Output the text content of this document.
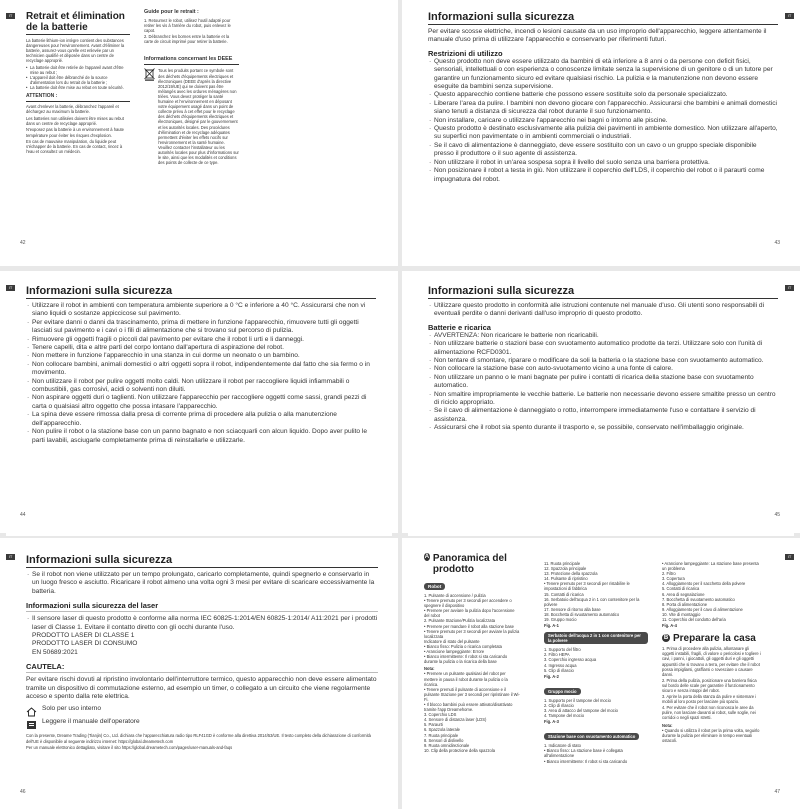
IT Retrait et élimination de la batterie
La batterie lithium-ion intègre contient des substances dangereuses pour l'environnement. Avant d'éliminer la batterie, assurez-vous qu'elle est enlevée par un technicien qualifié et déposée dans un centre de recyclage approprié.
• La batterie doit être retirée de l'appareil avant d'être mise au rebut ;
• L'appareil doit être débranché de la source d'alimentation lors du retrait de la batterie ;
• La batterie doit être mise au rebut en toute sécurité.
ATTENTION :
Avant d'enlever la batterie, débranchez l'appareil et déchargez au maximum la batterie.
Les batteries non utilisées doivent être mises au rebut dans un centre de recyclage approprié.
N'exposez pas la batterie à un environnement à haute température pour éviter les risques d'explosion.
En cas de mauvaise manipulation, du liquide peut s'échapper de la batterie. En cas de contact, rincez à l'eau et consultez un médecin.
Guide pour le retrait :
1. Retournez le robot, utilisez l'outil adapté pour retirer les vis à l'arrière du robot, puis enlevez le capot.
2. Débranchez les bornes entre la batterie et la carte de circuit imprimé pour retirer la batterie.
Informations concernant les DEEE
Tous les produits portant ce symbole sont des déchets d'équipements électriques et électroniques (DEEE d'après la directive 2012/19/UE) qui ne doivent pas être mélangés avec les ordures ménagères non triées. Vous devez protéger la santé humaine et l'environnement en déposant votre équipement usagé dans un point de collecte prévu à cet effet pour le recyclage des déchets d'équipements électriques et électroniques, désigné par le gouvernement et les autorités locales. Des procédures d'élimination et de recyclage adéquates permettent d'éviter les effets nocifs sur l'environnement et la santé humaine. Veuillez contacter l'installateur ou les autorités locales pour plus d'informations sur le site, ainsi que les modalités et conditions des points de collecte de ce type.
42
IT
Informazioni sulla sicurezza
Per evitare scosse elettriche, incendi o lesioni causate da un uso improprio dell'apparecchio, leggere attentamente il manuale d'uso prima di utilizzare l'apparecchio e conservarlo per riferimenti futuri.
Restrizioni di utilizzo
· Questo prodotto non deve essere utilizzato da bambini di età inferiore a 8 anni o da persone con deficit fisici, sensoriali, intellettuali o con esperienza o conoscenze limitate senza la supervisione di un genitore o di un tutore per garantire un funzionamento sicuro ed evitare qualsiasi rischio. La pulizia e la manutenzione non devono essere eseguite da bambini senza supervisione.
· Questo apparecchio contiene batterie che possono essere sostituite solo da personale specializzato.
· Liberare l'area da pulire. I bambini non devono giocare con l'apparecchio. Assicurarsi che bambini e animali domestici siano tenuti a distanza di sicurezza dal robot durante il suo funzionamento.
· Non installare, caricare o utilizzare l'apparecchio nei bagni o intorno alle piscine.
· Questo prodotto è destinato esclusivamente alla pulizia dei pavimenti in ambiente domestico. Non utilizzare all'aperto, su superfici non pavimentate o in ambienti commerciali o industriali.
· Se il cavo di alimentazione è danneggiato, deve essere sostituito con un cavo o un gruppo speciale disponibile presso il produttore o il suo agente di assistenza.
· Non utilizzare il robot in un'area sospesa sopra il livello del suolo senza una barriera protettiva.
· Non posizionare il robot a testa in giù. Non utilizzare il coperchio dell'LDS, il coperchio del robot o il paraurti come impugnatura del robot.
43
IT Informazioni sulla sicurezza
· Utilizzare il robot in ambienti con temperatura ambiente superiore a 0 °C e inferiore a 40 °C. Assicurarsi che non vi siano liquidi o sostanze appiccicose sul pavimento.
· Per evitare danni o danni da trascinamento, prima di mettere in funzione l'apparecchio, rimuovere tutti gli oggetti lasciati sul pavimento e i cavi o i fili di alimentazione che si trovano sul percorso di pulizia.
· Rimuovere gli oggetti fragili o piccoli dal pavimento per evitare che il robot li urti e li danneggi.
· Tenere capelli, dita e altre parti del corpo lontano dall'apertura di aspirazione del robot.
· Non mettere in funzione l'apparecchio in una stanza in cui dorme un neonato o un bambino.
· Non collocare bambini, animali domestici o altri oggetti sopra il robot, indipendentemente dal fatto che sia fermo o in movimento.
· Non utilizzare il robot per pulire oggetti molto caldi. Non utilizzare il robot per raccogliere liquidi infiammabili o combustibili, gas corrosivi, acidi o solventi non diluiti.
· Non aspirare oggetti duri o taglienti. Non utilizzare l'apparecchio per raccogliere oggetti come sassi, grandi pezzi di carta o qualsiasi altro oggetto che possa intasare l'apparecchio.
· La spina deve essere rimossa dalla presa di corrente prima di procedere alla pulizia o alla manutenzione dell'apparecchio.
· Non pulire il robot o la stazione base con un panno bagnato e non sciacquarli con alcun liquido. Dopo aver pulito le parti lavabili, asciugarle completamente prima di reinstallarle e utilizzarle.
44
IT
Informazioni sulla sicurezza
· Utilizzare questo prodotto in conformità alle istruzioni contenute nel manuale d'uso. Gli utenti sono responsabili di eventuali perdite o danni derivanti dall'uso improprio di questo prodotto.
Batterie e ricarica
· AVVERTENZA: Non ricaricare le batterie non ricaricabili.
· Non utilizzare batterie o stazioni base con svuotamento automatico prodotte da terzi. Utilizzare solo con l'unità di alimentazione RCFD0301.
· Non tentare di smontare, riparare o modificare da soli la batteria o la stazione base con svuotamento automatico.
· Non collocare la stazione base con auto-svuotamento vicino a una fonte di calore.
· Non utilizzare un panno o le mani bagnate per pulire i contatti di ricarica della stazione base con svuotamento automatico.
· Non smaltire impropriamente le vecchie batterie. Le batterie non necessarie devono essere smaltite presso un centro di riciclo appropriato.
· Se il cavo di alimentazione è danneggiato o rotto, interrompere immediatamente l'uso e contattare il servizio di assistenza.
· Assicurarsi che il robot sia spento durante il trasporto e, se possibile, conservato nell'imballaggio originale.
45
IT Informazioni sulla sicurezza
· Se il robot non viene utilizzato per un tempo prolungato, caricarlo completamente, quindi spegnerlo e conservarlo in un luogo fresco e asciutto. Ricaricare il robot almeno una volta ogni 3 mesi per evitare di scaricare eccessivamente la batteria.
Informazioni sulla sicurezza del laser
· Il sensore laser di questo prodotto è conforme alla norma IEC 60825-1:2014/EN 60825-1:2014/ A11:2021 per i prodotti laser di Classe 1. Evitare il contatto diretto con gli occhi durante l'uso.
PRODOTTO LASER DI CLASSE 1
PRODOTTO LASER DI CONSUMO
EN 50689:2021
CAUTELA:
Per evitare rischi dovuti al ripristino involontario dell'interruttore termico, questo apparecchio non deve essere alimentato tramite un dispositivo di commutazione esterno, ad esempio un timer, o collegato a un circuito che viene regolarmente acceso e spento dalla rete elettrica.
Solo per uso interno
Leggere il manuale dell'operatore
Con la presente, Dreame Trading (Tianjin) Co., Ltd. dichiara che l'apparecchiatura radio tipo RLF41GD è conforme alla direttiva 2014/53/UE. Il testo completo della dichiarazione di conformità dell'UE è disponibile al seguente indirizzo internet: https://global.dreametech.com
Per un manuale elettronico dettagliato, visitare il sito https://global.dreametech.com/pages/user-manuals-and-faqs
46
IT
A Panoramica del prodotto
Robot
1. Pulsante di accensione / pulizia
• Tenere premuto per 3 secondi per accendere o spegnere il dispositivo
• Premere per avviare la pulizia dopo l'accensione del robot
2. Pulsante Stazione/Pulizia localizzata
• Premere per mandare il robot alla stazione base
• Tenere premuto per 3 secondi per avviare la pulizia localizzata
Indicatore di stato del pulsante
• Bianco fisso: Pulizia o ricarica completata
• Arancione lampeggiante: Errore
• Bianco intermittente: Il robot si sta caricando durante la pulizia o la ricarica della base
Nota:
• Premere un pulsante qualsiasi del robot per mettere in pausa il robot durante la pulizia o la ricarica.
• Tenere premuti il pulsante di accensione e il pulsante Stazione per 3 secondi per ripristinare il Wi-Fi.
• Il blocco bambini può essere attivato/disattivato tramite l'app Dreamehome.
3. Coperchio LDS
4. Sensore di distanza laser (LDS)
5. Paraurti
6. Spazzola laterale
7. Ruota principale
8. Sensori di dislivello
9. Ruota omnidirezionale
10. Clip della protezione della spazzola
11. Ruota principale
12. Spazzola principale
13. Protezione della spazzola
14. Pulsante di ripristino
• Tenere premuto per 3 secondi per ristabilire le impostazioni di fabbrica
15. Contatti di ricarica
16. Serbatoio dell'acqua 2 in 1 con contenitore per la polvere
17. Sensore di ritorno alla base
18. Bocchetta di svuotamento automatico
19. Gruppo mocio
Fig. A-1
Serbatoio dell'acqua 2 in 1 con contenitore per la polvere
1. Supporto del filtro
2. Filtro HEPA
3. Coperchio ingresso acqua
4. Ingresso acqua
5. Clip di rilascio
Fig. A-2
Gruppo mocio
1. Supporto per il tampone del mocio
2. Clip di rilascio
3. Area di attacco del tampone del mocio
4. Tampone del mocio
Fig. A-3
Stazione base con svuotamento automatico
1. Indicatore di stato
• Bianco fisso: La stazione base è collegata all'alimentazione
• Bianco intermittente: Il robot si sta caricando
• Arancione lampeggiante: La stazione base presenta un problema
2. Filtro
3. Copertura
4. Alloggiamento per il sacchetto della polvere
5. Contatti di ricarica
6. Area di segnalazione
7. Bocchetta di svuotamento automatico
8. Porta di alimentazione
9. Alloggiamento per il cavo di alimentazione
10. Vite di montaggio
11. Coperchio del condotto dell'aria
Fig. A-4
B Preparare la casa
1. Prima di procedere alla pulizia, allontanare gli oggetti instabili, fragili, di valore o pericolosi e togliere i cavi, i panni, i giocattoli, gli oggetti duri e gli oggetti appuntiti che si trovano a terra, per evitare che il robot possa impigliarsi, graffiarsi o rovesciare o causare danni.
2. Prima della pulizia, posizionare una barriera fisica sul bordo delle scale per garantire il funzionamento sicuro e senza intoppi del robot.
3. Aprire la porta della stanza da pulire e sistemare i mobili al loro posto per lasciare più spazio.
4. Per evitare che il robot non riconosca le aree da pulire, non lasciare davanti ai robot, sulle soglie, nei corridoi o negli spazi stretti.
Nota:
• Quando si utilizza il robot per la prima volta, seguirlo durante la pulizia per eliminare in tempo eventuali ostacoli.
47
